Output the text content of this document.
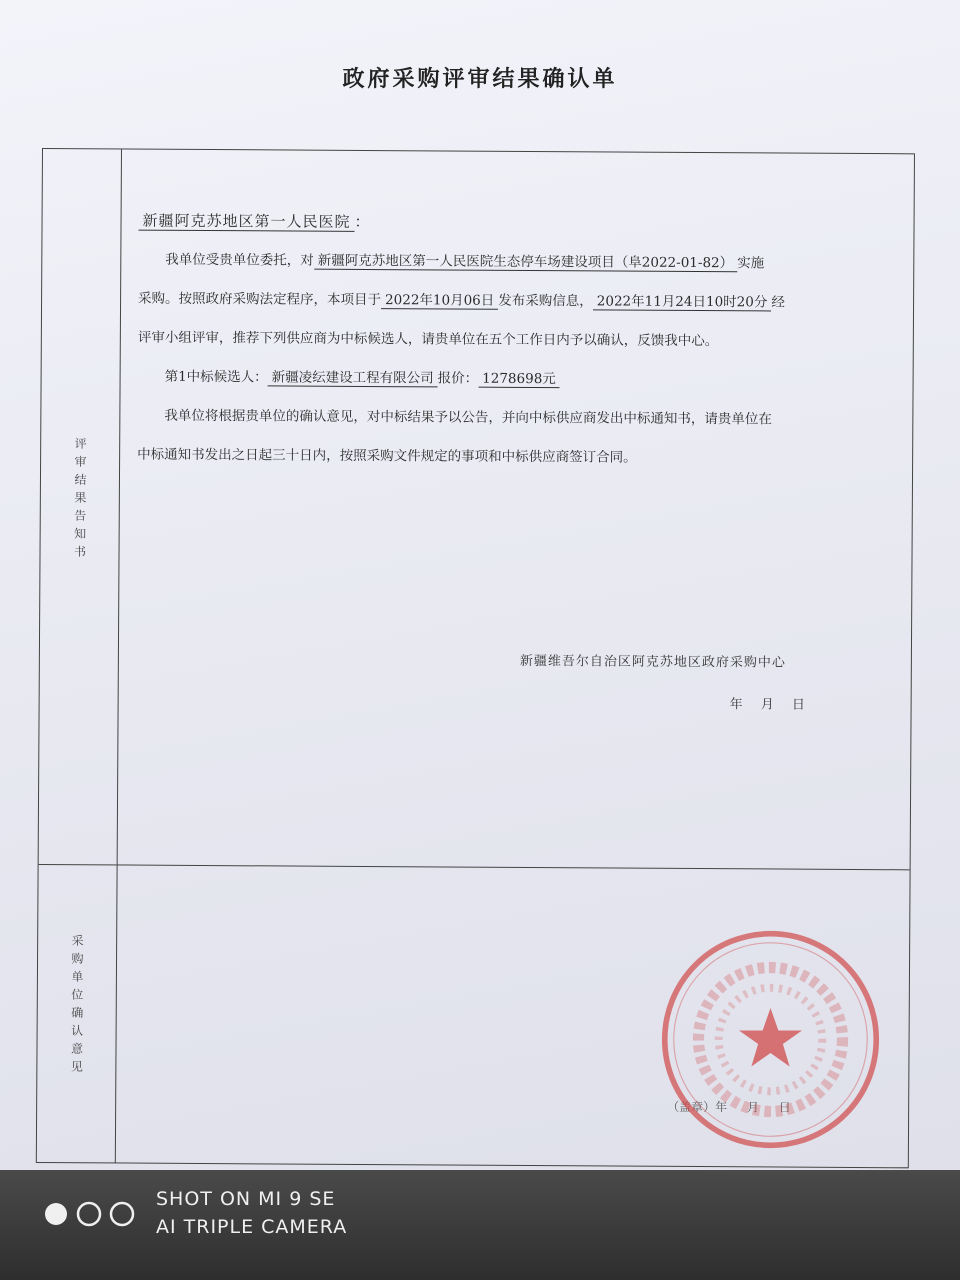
政府采购评审结果确认单
评审结果告知书
新疆阿克苏地区第一人民医院 ：
我单位受贵单位委托，对 新疆阿克苏地区第一人民医院生态停车场建设项目（阜2022-01-82） 实施
采购。按照政府采购法定程序，本项目于 2022年10月06日 发布采购信息， 2022年11月24日10时20分 经
评审小组评审，推荐下列供应商为中标候选人，请贵单位在五个工作日内予以确认，反馈我中心。
第1中标候选人： 新疆凌纭建设工程有限公司 报价： 1278698元
我单位将根据贵单位的确认意见，对中标结果予以公告，并向中标供应商发出中标通知书，请贵单位在
中标通知书发出之日起三十日内，按照采购文件规定的事项和中标供应商签订合同。
新疆维吾尔自治区阿克苏地区政府采购中心
年 月 日
采购单位确认意见
（盖章）年 月 日
SHOT ON MI 9 SE
AI TRIPLE CAMERA
